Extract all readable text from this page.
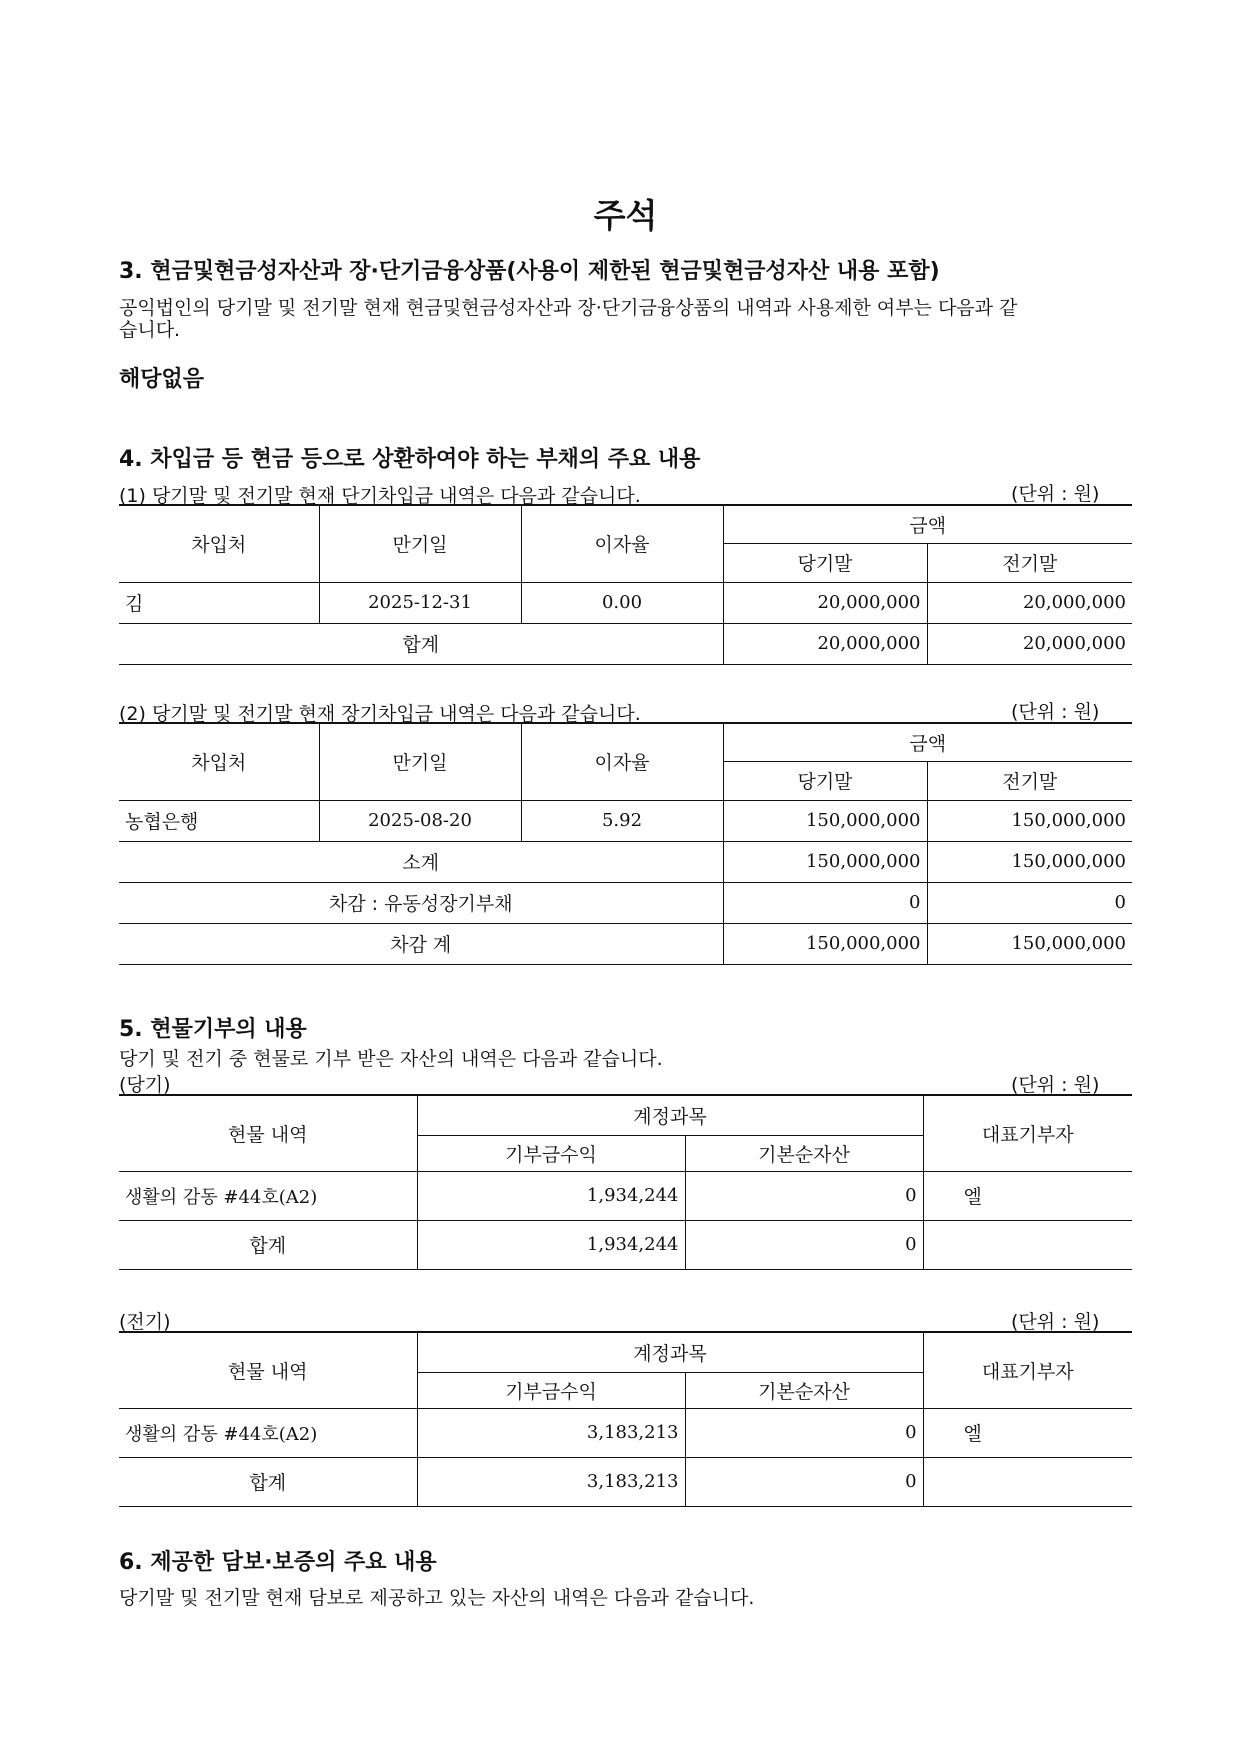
주석
3. 현금및현금성자산과 장·단기금융상품(사용이 제한된 현금및현금성자산 내용 포함)
공익법인의 당기말 및 전기말 현재 현금및현금성자산과 장·단기금융상품의 내역과 사용제한 여부는 다음과 같
습니다.
해당없음
4. 차입금 등 현금 등으로 상환하여야 하는 부채의 주요 내용
(1) 당기말 및 전기말 현재 단기차입금 내역은 다음과 같습니다.	(단위 : 원)
차입처	만기일	이자율	금액	
			당기말	전기말
김	2025-12-31	0.00	20,000,000	20,000,000
합계			20,000,000	20,000,000
(2) 당기말 및 전기말 현재 장기차입금 내역은 다음과 같습니다.	(단위 : 원)
차입처	만기일	이자율	금액	
			당기말	전기말
농협은행	2025-08-20	5.92	150,000,000	150,000,000
소계			150,000,000	150,000,000
차감 : 유동성장기부채			0	0
차감 계			150,000,000	150,000,000
5. 현물기부의 내용
당기 및 전기 중 현물로 기부 받은 자산의 내역은 다음과 같습니다.
(당기)	(단위 : 원)
현물 내역	계정과목		대표기부자
	기부금수익	기본순자산	
생활의 감동 #44호(A2)	1,934,244	0	엘
합계	1,934,244	0	
(전기)	(단위 : 원)
현물 내역	계정과목		대표기부자
	기부금수익	기본순자산	
생활의 감동 #44호(A2)	3,183,213	0	엘
합계	3,183,213	0	
6. 제공한 담보·보증의 주요 내용
당기말 및 전기말 현재 담보로 제공하고 있는 자산의 내역은 다음과 같습니다.
